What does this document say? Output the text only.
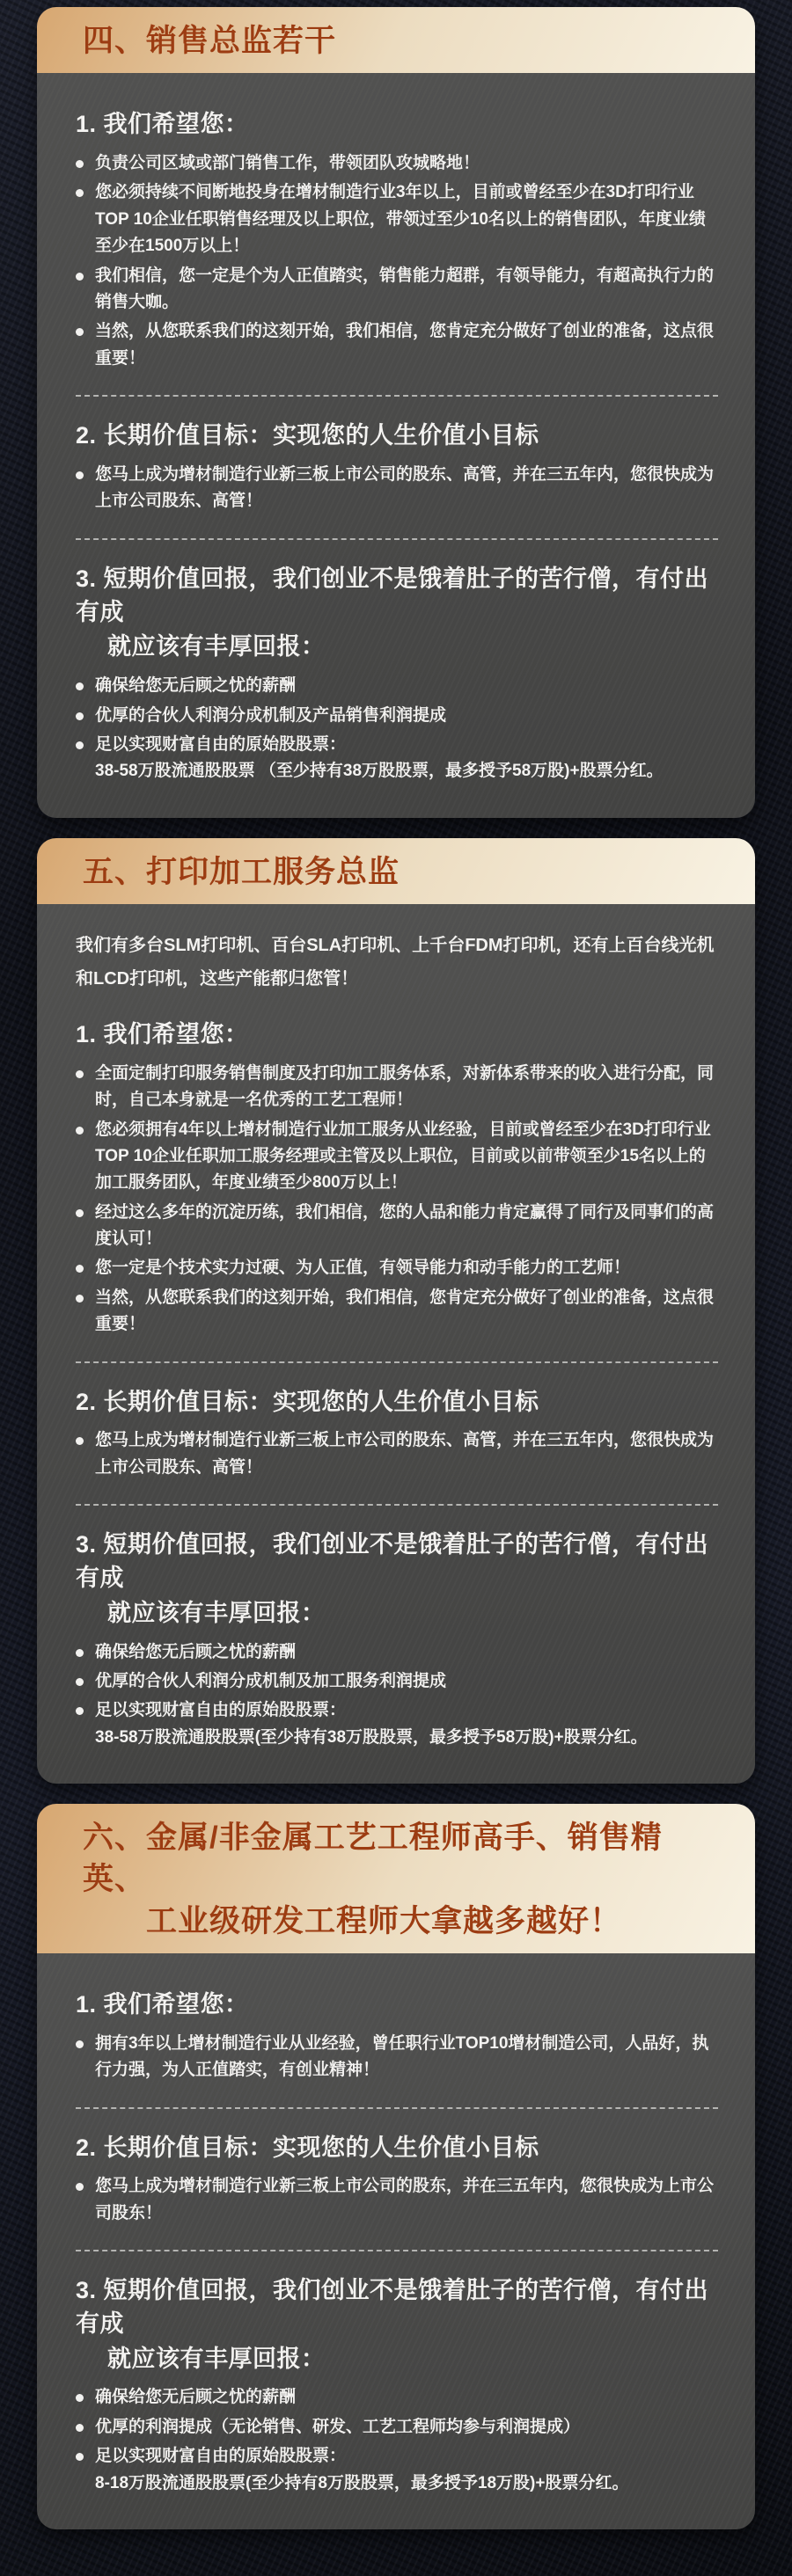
四、销售总监若干
1. 我们希望您：
负责公司区域或部门销售工作，带领团队攻城略地！
您必须持续不间断地投身在增材制造行业3年以上，目前或曾经至少在3D打印行业TOP 10企业任职销售经理及以上职位，带领过至少10名以上的销售团队，年度业绩至少在1500万以上！
我们相信，您一定是个为人正值踏实，销售能力超群，有领导能力，有超高执行力的销售大咖。
当然，从您联系我们的这刻开始，我们相信，您肯定充分做好了创业的准备，这点很重要！
2. 长期价值目标：实现您的人生价值小目标
您马上成为增材制造行业新三板上市公司的股东、高管，并在三五年内，您很快成为上市公司股东、高管！
3. 短期价值回报，我们创业不是饿着肚子的苦行僧，有付出有成
就应该有丰厚回报：
确保给您无后顾之忧的薪酬
优厚的合伙人利润分成机制及产品销售利润提成
足以实现财富自由的原始股股票：
38-58万股流通股股票 （至少持有38万股股票，最多授予58万股)+股票分红。
五、打印加工服务总监

我们有多台SLM打印机、百台SLA打印机、上千台FDM打印机，还有上百台线光机和LCD打印机，这些产能都归您管！

1. 我们希望您：
全面定制打印服务销售制度及打印加工服务体系，对新体系带来的收入进行分配，同时，自己本身就是一名优秀的工艺工程师！
您必须拥有4年以上增材制造行业加工服务从业经验，目前或曾经至少在3D打印行业TOP 10企业任职加工服务经理或主管及以上职位，目前或以前带领至少15名以上的加工服务团队，年度业绩至少800万以上！
经过这么多年的沉淀历练，我们相信，您的人品和能力肯定赢得了同行及同事们的高度认可！
您一定是个技术实力过硬、为人正值，有领导能力和动手能力的工艺师！
当然，从您联系我们的这刻开始，我们相信，您肯定充分做好了创业的准备，这点很重要！
2. 长期价值目标：实现您的人生价值小目标
您马上成为增材制造行业新三板上市公司的股东、高管，并在三五年内，您很快成为上市公司股东、高管！
3. 短期价值回报，我们创业不是饿着肚子的苦行僧，有付出有成
就应该有丰厚回报：
确保给您无后顾之忧的薪酬
优厚的合伙人利润分成机制及加工服务利润提成
足以实现财富自由的原始股股票：
38-58万股流通股股票(至少持有38万股股票，最多授予58万股)+股票分红。
六、金属/非金属工艺工程师高手、销售精英、
工业级研发工程师大拿越多越好！
1. 我们希望您：
拥有3年以上增材制造行业从业经验，曾任职行业TOP10增材制造公司，人品好，执行力强，为人正值踏实，有创业精神！
2. 长期价值目标：实现您的人生价值小目标
您马上成为增材制造行业新三板上市公司的股东，并在三五年内，您很快成为上市公司股东！
3. 短期价值回报，我们创业不是饿着肚子的苦行僧，有付出有成
就应该有丰厚回报：
确保给您无后顾之忧的薪酬
优厚的利润提成（无论销售、研发、工艺工程师均参与利润提成）
足以实现财富自由的原始股股票：
8-18万股流通股股票(至少持有8万股股票，最多授予18万股)+股票分红。
